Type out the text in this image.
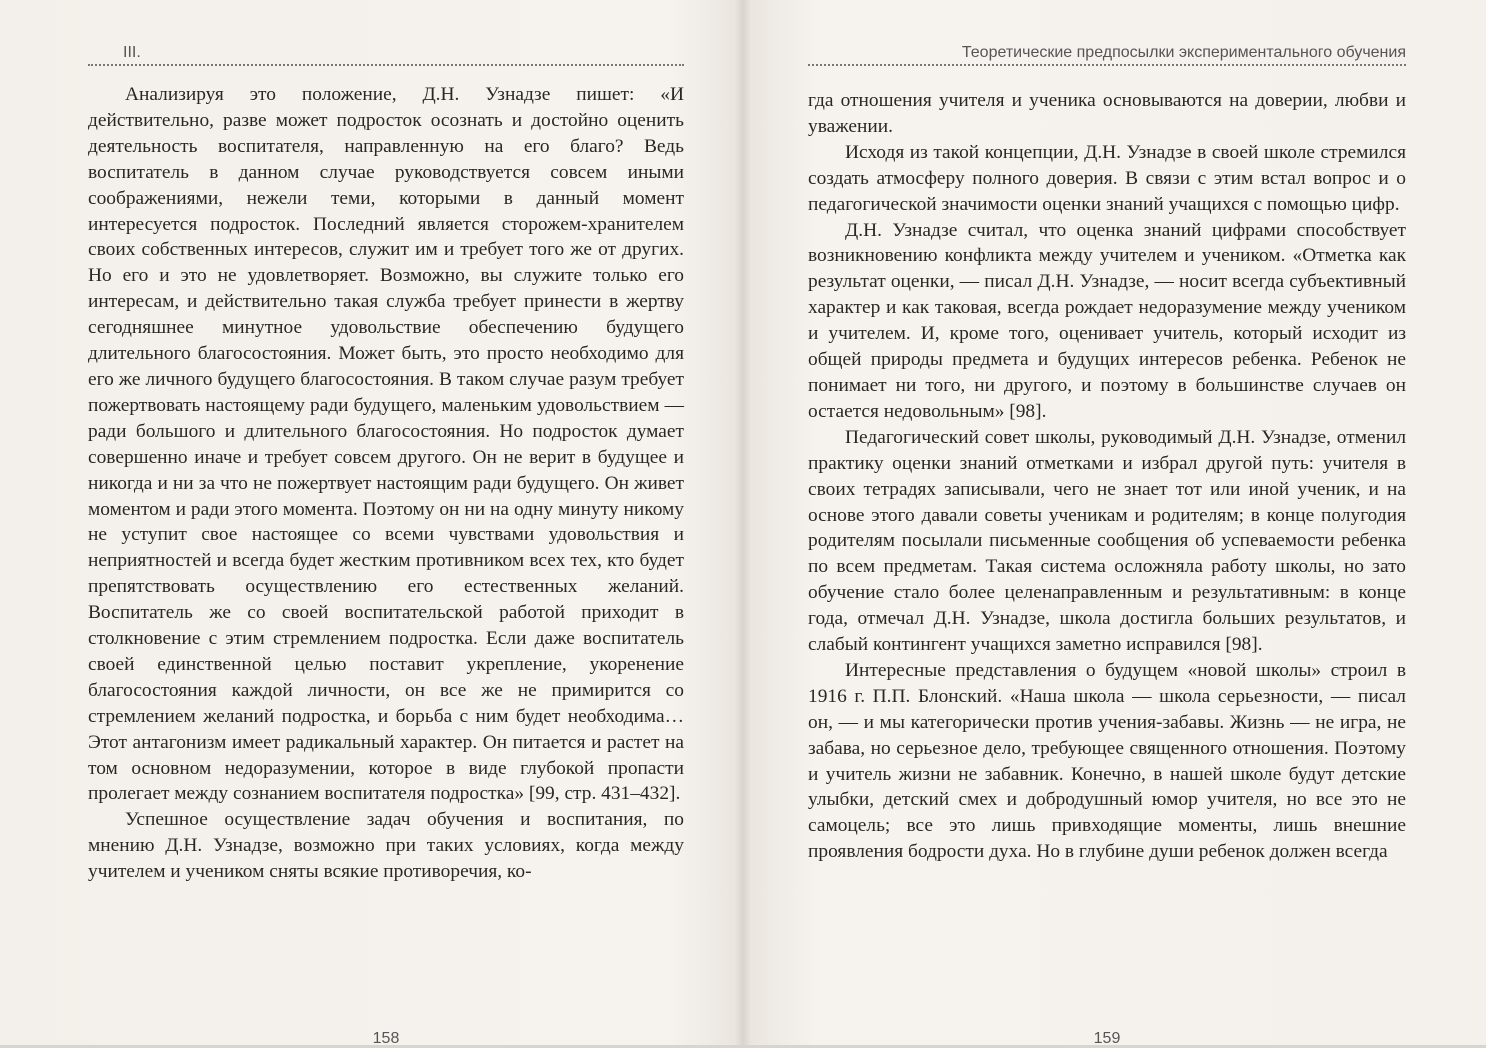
III.

Анализируя это положение, Д.Н. Узнадзе пишет: «И действительно, разве может подросток осознать и достойно оценить деятельность воспитателя, направленную на его благо? Ведь воспитатель в данном случае руководствуется совсем иными соображениями, нежели теми, которыми в данный момент интересуется подросток. Последний является сторожем-хранителем своих собственных интересов, служит им и требует того же от других. Но его и это не удовлетворяет. Возможно, вы служите только его интересам, и действительно такая служба требует принести в жертву сегодняшнее минутное удовольствие обеспечению будущего длительного благосостояния. Может быть, это просто необходимо для его же личного будущего благосостояния. В таком случае разум требует пожертвовать настоящему ради будущего, маленьким удовольствием — ради большого и длительного благосостояния. Но подросток думает совершенно иначе и требует совсем другого. Он не верит в будущее и никогда и ни за что не пожертвует настоящим ради будущего. Он живет моментом и ради этого момента. Поэтому он ни на одну минуту никому не уступит свое настоящее со всеми чувствами удовольствия и неприятностей и всегда будет жестким противником всех тех, кто будет препятствовать осуществлению его естественных желаний. Воспитатель же со своей воспитательской работой приходит в столкновение с этим стремлением подростка. Если даже воспитатель своей единственной целью поставит укрепление, укоренение благосостояния каждой личности, он все же не примирится со стремлением желаний подростка, и борьба с ним будет необходима… Этот антагонизм имеет радикальный характер. Он питается и растет на том основном недоразумении, которое в виде глубокой пропасти пролегает между сознанием воспитателя подростка» [99, стр. 431–432].

Успешное осуществление задач обучения и воспитания, по мнению Д.Н. Узнадзе, возможно при таких условиях, когда между учителем и учеником сняты всякие противоречия, ко-

158
Теоретические предпосылки экспериментального обучения

гда отношения учителя и ученика основываются на доверии, любви и уважении.

Исходя из такой концепции, Д.Н. Узнадзе в своей школе стремился создать атмосферу полного доверия. В связи с этим встал вопрос и о педагогической значимости оценки знаний учащихся с помощью цифр.

Д.Н. Узнадзе считал, что оценка знаний цифрами способствует возникновению конфликта между учителем и учеником. «Отметка как результат оценки, — писал Д.Н. Узнадзе, — носит всегда субъективный характер и как таковая, всегда рождает недоразумение между учеником и учителем. И, кроме того, оценивает учитель, который исходит из общей природы предмета и будущих интересов ребенка. Ребенок не понимает ни того, ни другого, и поэтому в большинстве случаев он остается недовольным» [98].

Педагогический совет школы, руководимый Д.Н. Узнадзе, отменил практику оценки знаний отметками и избрал другой путь: учителя в своих тетрадях записывали, чего не знает тот или иной ученик, и на основе этого давали советы ученикам и родителям; в конце полугодия родителям посылали письменные сообщения об успеваемости ребенка по всем предметам. Такая система осложняла работу школы, но зато обучение стало более целенаправленным и результативным: в конце года, отмечал Д.Н. Узнадзе, школа достигла больших результатов, и слабый контингент учащихся заметно исправился [98].

Интересные представления о будущем «новой школы» строил в 1916 г. П.П. Блонский. «Наша школа — школа серьезности, — писал он, — и мы категорически против учения-забавы. Жизнь — не игра, не забава, но серьезное дело, требующее священного отношения. Поэтому и учитель жизни не забавник. Конечно, в нашей школе будут детские улыбки, детский смех и добродушный юмор учителя, но все это не самоцель; все это лишь привходящие моменты, лишь внешние проявления бодрости духа. Но в глубине души ребенок должен всегда

159
